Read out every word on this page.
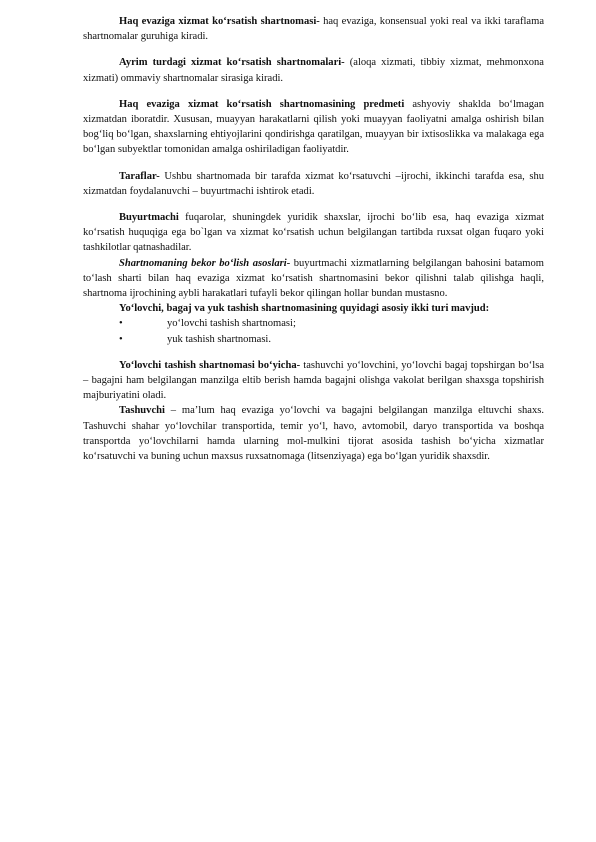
Haq evaziga xizmat ko‘rsatish shartnomasi- haq evaziga, konsensual yoki real va ikki taraflama shartnomalar guruhiga kiradi.

Ayrim turdagi xizmat ko‘rsatish shartnomalari- (aloqa xizmati, tibbiy xizmat, mehmonxona xizmati) ommaviy shartnomalar sirasiga kiradi.

Haq evaziga xizmat ko‘rsatish shartnomasining predmeti ashyoviy shaklda bo‘lmagan xizmatdan iboratdir. Xususan, muayyan harakatlarni qilish yoki muayyan faoliyatni amalga oshirish bilan bog‘liq bo‘lgan, shaxslarning ehtiyojlarini qondirishga qaratilgan, muayyan bir ixtisoslikka va malakaga ega bo‘lgan subyektlar tomonidan amalga oshiriladigan faoliyatdir.

Taraflar- Ushbu shartnomada bir tarafda xizmat ko‘rsatuvchi –ijrochi, ikkinchi tarafda esa, shu xizmatdan foydalanuvchi – buyurtmachi ishtirok etadi.

Buyurtmachi fuqarolar, shuningdek yuridik shaxslar, ijrochi bo‘lib esa, haq evaziga xizmat ko‘rsatish huquqiga ega bo`lgan va xizmat ko‘rsatish uchun belgilangan tartibda ruxsat olgan fuqaro yoki tashkilotlar qatnashadilar.

Shartnomaning bekor bo‘lish asoslari- buyurtmachi xizmatlarning belgilangan bahosini batamom to‘lash sharti bilan haq evaziga xizmat ko‘rsatish shartnomasini bekor qilishni talab qilishga haqli, shartnoma ijrochining aybli harakatlari tufayli bekor qilingan hollar bundan mustasno.

Yo‘lovchi, bagaj va yuk tashish shartnomasining quyidagi asosiy ikki turi mavjud:

•	yo‘lovchi tashish shartnomasi;
•	yuk tashish shartnomasi.

Yo‘lovchi tashish shartnomasi bo‘yicha- tashuvchi yo‘lovchini, yo‘lovchi bagaj topshirgan bo‘lsa – bagajni ham belgilangan manzilga eltib berish hamda bagajni olishga vakolat berilgan shaxsga topshirish majburiyatini oladi.

Tashuvchi – ma’lum haq evaziga yo‘lovchi va bagajni belgilangan manzilga eltuvchi shaxs. Tashuvchi shahar yo‘lovchilar transportida, temir yo‘l, havo, avtomobil, daryo transportida va boshqa transportda yo‘lovchilarni hamda ularning mol-mulkini tijorat asosida tashish bo‘yicha xizmatlar ko‘rsatuvchi va buning uchun maxsus ruxsatnomaga (litsenziyaga) ega bo‘lgan yuridik shaxsdir.
